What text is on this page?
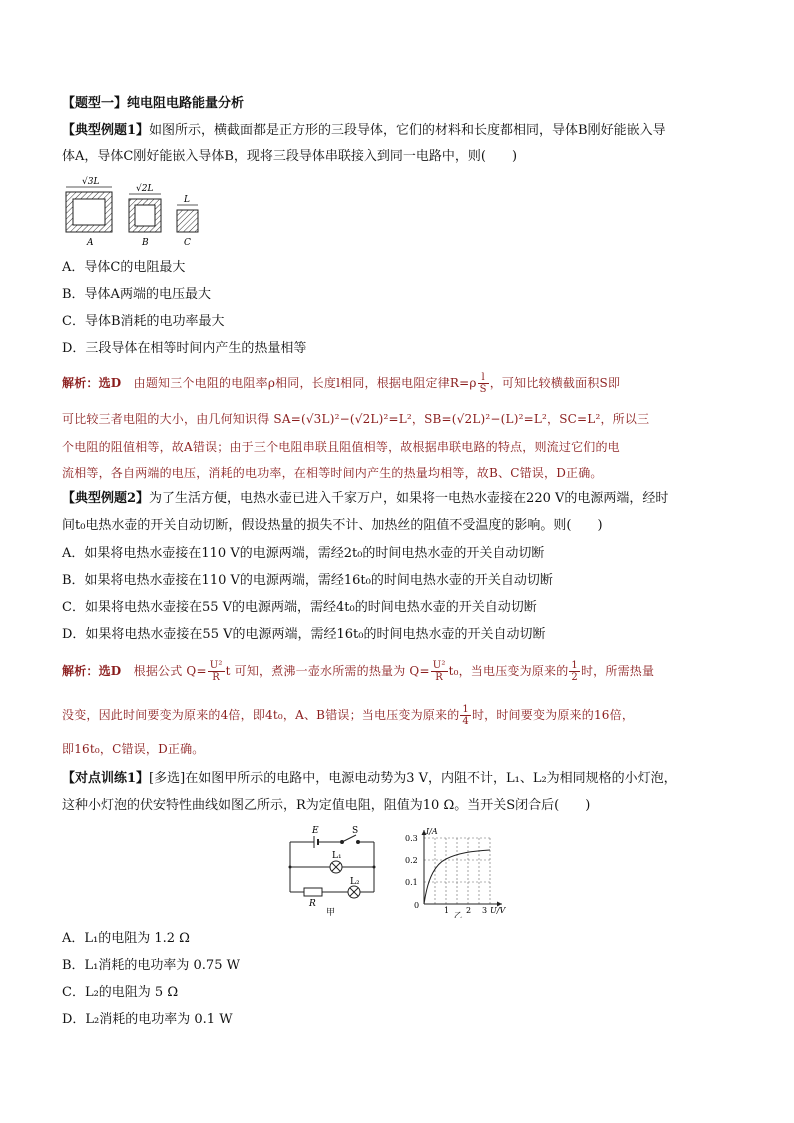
【题型一】纯电阻电路能量分析
【典型例题1】如图所示，横截面都是正方形的三段导体，它们的材料和长度都相同，导体B刚好能嵌入导
体A，导体C刚好能嵌入导体B，现将三段导体串联接入到同一电路中，则(　　)
√3L
A
√2L
B
L
C
A．导体C的电阻最大
B．导体A两端的电压最大
C．导体B消耗的电功率最大
D．三段导体在相等时间内产生的热量相等
解析：选D　由题知三个电阻的电阻率ρ相同，长度l相同，根据电阻定律$R=\rho \frac{l}{S}$ ，可知比较横截面积S即
可比较三者电阻的大小，由几何知识得 SA=(√3L)²−(√2L)²=L²，SB=(√2L)²−(L)²=L²，SC=L²，所以三
个电阻的阻值相等，故A错误；由于三个电阻串联且阻值相等，故根据串联电路的特点，则流过它们的电
流相等，各自两端的电压，消耗的电功率，在相等时间内产生的热量均相等，故B、C错误，D正确。
【典型例题2】为了生活方便，电热水壶已进入千家万户，如果将一电热水壶接在220 V的电源两端，经时
间t₀电热水壶的开关自动切断，假设热量的损失不计、加热丝的阻值不受温度的影响。则(　　)
A．如果将电热水壶接在110 V的电源两端，需经2t₀的时间电热水壶的开关自动切断
B．如果将电热水壶接在110 V的电源两端，需经16t₀的时间电热水壶的开关自动切断
C．如果将电热水壶接在55 V的电源两端，需经4t₀的时间电热水壶的开关自动切断
D．如果将电热水壶接在55 V的电源两端，需经16t₀的时间电热水壶的开关自动切断
解析：选D　根据公式 $Q= \frac{\text{U²}}{R}$ t 可知，煮沸一壶水所需的热量为 $Q= \frac{\text{U²}}{R} t_0$，当电压变为原来的 $\frac{1}{2}$ 时，所需热量
没变，因此时间要变为原来的4倍，即4t₀，A、B错误；当电压变为原来的 $\frac{1}{4}$ 时，时间要变为原来的16倍，
即16t₀，C错误，D正确。
【对点训练1】[多选]在如图甲所示的电路中，电源电动势为3 V，内阻不计，L₁、L₂为相同规格的小灯泡，
这种小灯泡的伏安特性曲线如图乙所示，R为定值电阻，阻值为10 Ω。当开关S闭合后(　　)
E	S
L₁
L₂
R
甲
I/A
0.3
0.2
0.1
0
1 2 3 U/V
乙
A．L₁的电阻为 1.2 Ω
B．L₁消耗的电功率为 0.75 W
C．L₂的电阻为 5 Ω
D．L₂消耗的电功率为 0.1 W
